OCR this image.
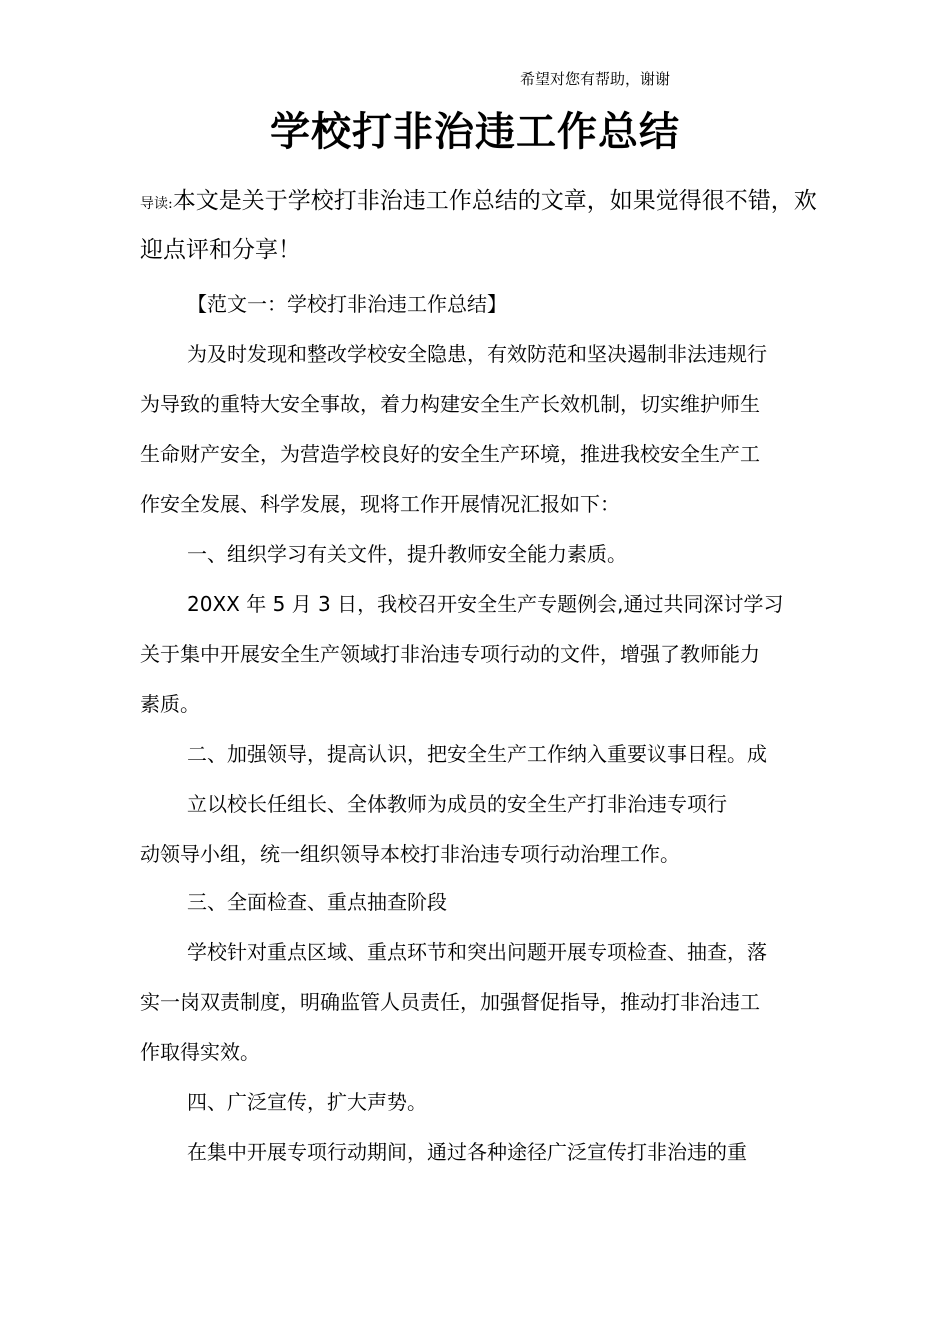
希望对您有帮助，谢谢
学校打非治违工作总结
导读:本文是关于学校打非治违工作总结的文章，如果觉得很不错，欢迎点评和分享！
【范文一：学校打非治违工作总结】
为及时发现和整改学校安全隐患，有效防范和坚决遏制非法违规行
为导致的重特大安全事故，着力构建安全生产长效机制，切实维护师生
生命财产安全，为营造学校良好的安全生产环境，推进我校安全生产工
作安全发展、科学发展，现将工作开展情况汇报如下：
一、组织学习有关文件，提升教师安全能力素质。
20XX 年 5 月 3 日，我校召开安全生产专题例会,通过共同深讨学习
关于集中开展安全生产领域打非治违专项行动的文件，增强了教师能力
素质。
二、加强领导，提高认识，把安全生产工作纳入重要议事日程。成
立以校长任组长、全体教师为成员的安全生产打非治违专项行
动领导小组，统一组织领导本校打非治违专项行动治理工作。
三、全面检查、重点抽查阶段
学校针对重点区域、重点环节和突出问题开展专项检查、抽查，落
实一岗双责制度，明确监管人员责任，加强督促指导，推动打非治违工
作取得实效。
四、广泛宣传，扩大声势。
在集中开展专项行动期间，通过各种途径广泛宣传打非治违的重
